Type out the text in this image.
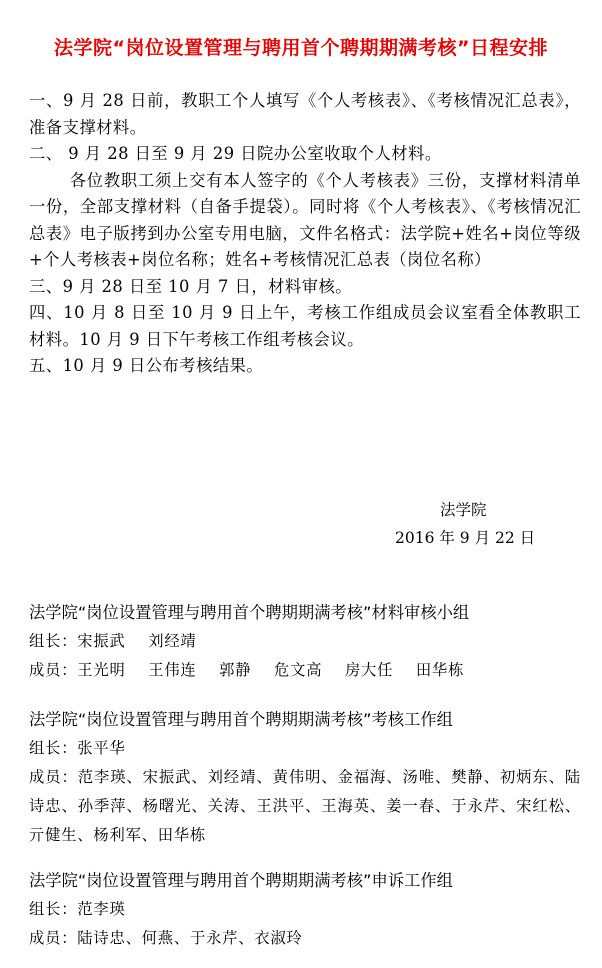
法学院“岗位设置管理与聘用首个聘期期满考核”日程安排

一、9 月 28 日前，教职工个人填写《个人考核表》、《考核情况汇总表》，准备支撑材料。

二、 9 月 28 日至 9 月 29 日院办公室收取个人材料。

各位教职工须上交有本人签字的《个人考核表》三份，支撑材料清单一份，全部支撑材料（自备手提袋）。同时将《个人考核表》、《考核情况汇总表》电子版拷到办公室专用电脑，文件名格式：法学院+姓名+岗位等级+个人考核表+岗位名称；姓名+考核情况汇总表（岗位名称）

三、9 月 28 日至 10 月 7 日，材料审核。

四、10 月 8 日至 10 月 9 日上午，考核工作组成员会议室看全体教职工材料。10 月 9 日下午考核工作组考核会议。

五、10 月 9 日公布考核结果。

法学院
2016 年 9 月 22 日
法学院“岗位设置管理与聘用首个聘期期满考核”材料审核小组
组长：宋振武    刘经靖
成员：王光明    王伟连    郭静    危文高    房大任    田华栋
法学院“岗位设置管理与聘用首个聘期期满考核”考核工作组
组长：张平华
成员：范李瑛、宋振武、刘经靖、黄伟明、金福海、汤唯、樊静、初炳东、陆诗忠、孙季萍、杨曙光、关涛、王洪平、王海英、姜一春、于永芹、宋红松、亓健生、杨利军、田华栋
法学院“岗位设置管理与聘用首个聘期期满考核”申诉工作组
组长：范李瑛
成员：陆诗忠、何燕、于永芹、衣淑玲
